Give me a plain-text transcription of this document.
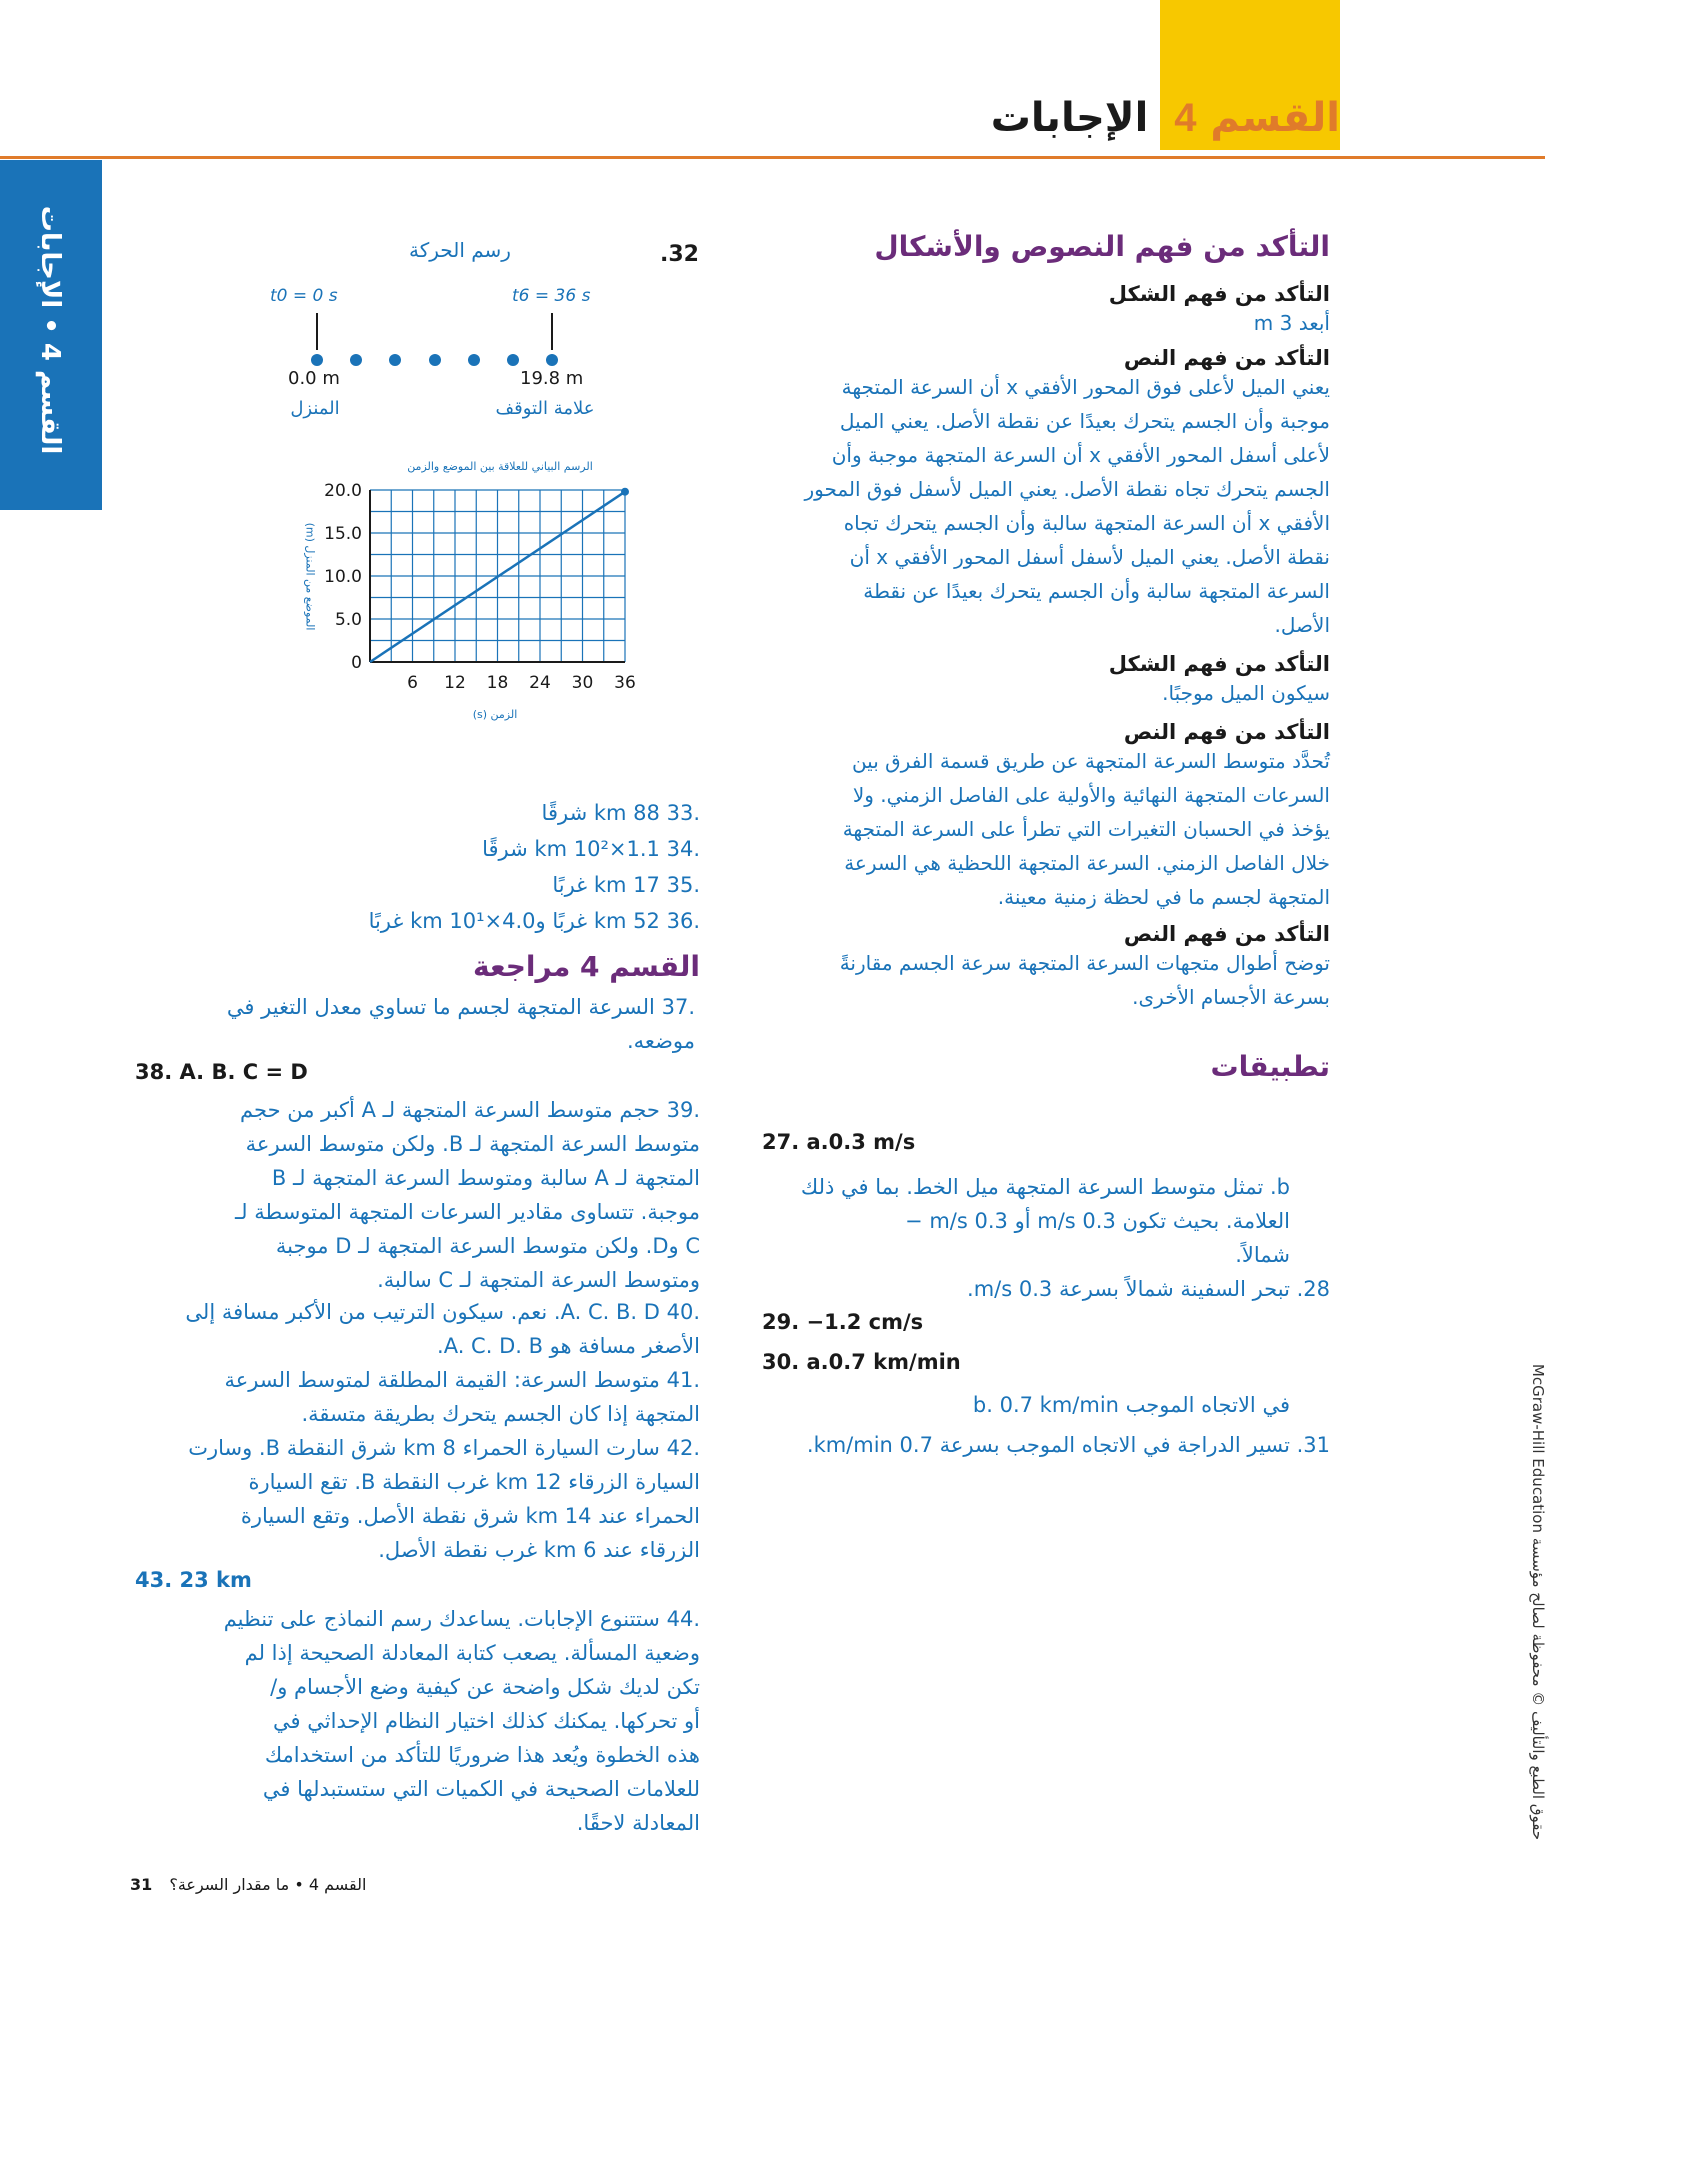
القسم 4 الإجابات
القسم 4 • الإجابات
حقوق الطبع والتأليف © محفوظة لصالح مؤسسة McGraw-Hill Education
التأكد من فهم النصوص والأشكال
التأكد من فهم الشكل
أبعد 3 m
التأكد من فهم النص
يعني الميل لأعلى فوق المحور الأفقي x أن السرعة المتجهة
موجبة وأن الجسم يتحرك بعيدًا عن نقطة الأصل. يعني الميل
لأعلى أسفل المحور الأفقي x أن السرعة المتجهة موجبة وأن
الجسم يتحرك تجاه نقطة الأصل. يعني الميل لأسفل فوق المحور
الأفقي x أن السرعة المتجهة سالبة وأن الجسم يتحرك تجاه
نقطة الأصل. يعني الميل لأسفل أسفل المحور الأفقي x أن
السرعة المتجهة سالبة وأن الجسم يتحرك بعيدًا عن نقطة
الأصل.
التأكد من فهم الشكل
سيكون الميل موجبًا.
التأكد من فهم النص
تُحدَّد متوسط السرعة المتجهة عن طريق قسمة الفرق بين
السرعات المتجهة النهائية والأولية على الفاصل الزمني. ولا
يؤخذ في الحسبان التغيرات التي تطرأ على السرعة المتجهة
خلال الفاصل الزمني. السرعة المتجهة اللحظية هي السرعة
المتجهة لجسم ما في لحظة زمنية معينة.
التأكد من فهم النص
توضح أطوال متجهات السرعة المتجهة سرعة الجسم مقارنةً
بسرعة الأجسام الأخرى.
تطبيقات
27. a.0.3 m/s
b. تمثل متوسط السرعة المتجهة ميل الخط. بما في ذلك
العلامة. بحيث تكون 0.3 m/s أو 0.3 m/s −
شمالاً.
28. تبحر السفينة شمالاً بسرعة 0.3 m/s.
29. −1.2 cm/s
30. a.0.7 km/min
b. 0.7 km/min في الاتجاه الموجب
31. تسير الدراجة في الاتجاه الموجب بسرعة 0.7 km/min.
.32
رسم الحركة
t0 = 0 s	t6 = 36 s
0.0 m	19.8 m
المنزل	علامة التوقف
الرسم البياني للعلاقة بين الموضع والزمن
الموضع من المنزل (m)
0
5.0
10.0
15.0
20.0
6 12 18 24 30 36
الزمن (s)
.33 88 km شرقًا
.34 1.1×10² km شرقًا
.35 17 km غربًا
.36 52 km غربًا و4.0×10¹ km غربًا
القسم 4 مراجعة
.37 السرعة المتجهة لجسم ما تساوي معدل التغير في
موضعه.
38. A. B. C = D
.39 حجم متوسط السرعة المتجهة لـ A أكبر من حجم
متوسط السرعة المتجهة لـ B. ولكن متوسط السرعة
المتجهة لـ A سالبة ومتوسط السرعة المتجهة لـ B
موجبة. تتساوى مقادير السرعات المتجهة المتوسطة لـ
C وD. ولكن متوسط السرعة المتجهة لـ D موجبة
ومتوسط السرعة المتجهة لـ C سالبة.
.40 A. C. B. D. نعم. سيكون الترتيب من الأكبر مسافة إلى
الأصغر مسافة هو A. C. D. B.
.41 متوسط السرعة: القيمة المطلقة لمتوسط السرعة
المتجهة إذا كان الجسم يتحرك بطريقة متسقة.
.42 سارت السيارة الحمراء 8 km شرق النقطة B. وسارت
السيارة الزرقاء 12 km غرب النقطة B. تقع السيارة
الحمراء عند 14 km شرق نقطة الأصل. وتقع السيارة
الزرقاء عند 6 km غرب نقطة الأصل.
43. 23 km
.44 ستتنوع الإجابات. يساعدك رسم النماذج على تنظيم
وضعية المسألة. يصعب كتابة المعادلة الصحيحة إذا لم
تكن لديك شكل واضحة عن كيفية وضع الأجسام و/
أو تحركها. يمكنك كذلك اختيار النظام الإحداثي في
هذه الخطوة ويُعد هذا ضروريًا للتأكد من استخدامك
للعلامات الصحيحة في الكميات التي ستستبدلها في
المعادلة لاحقًا.
31 القسم 4 • ما مقدار السرعة؟
